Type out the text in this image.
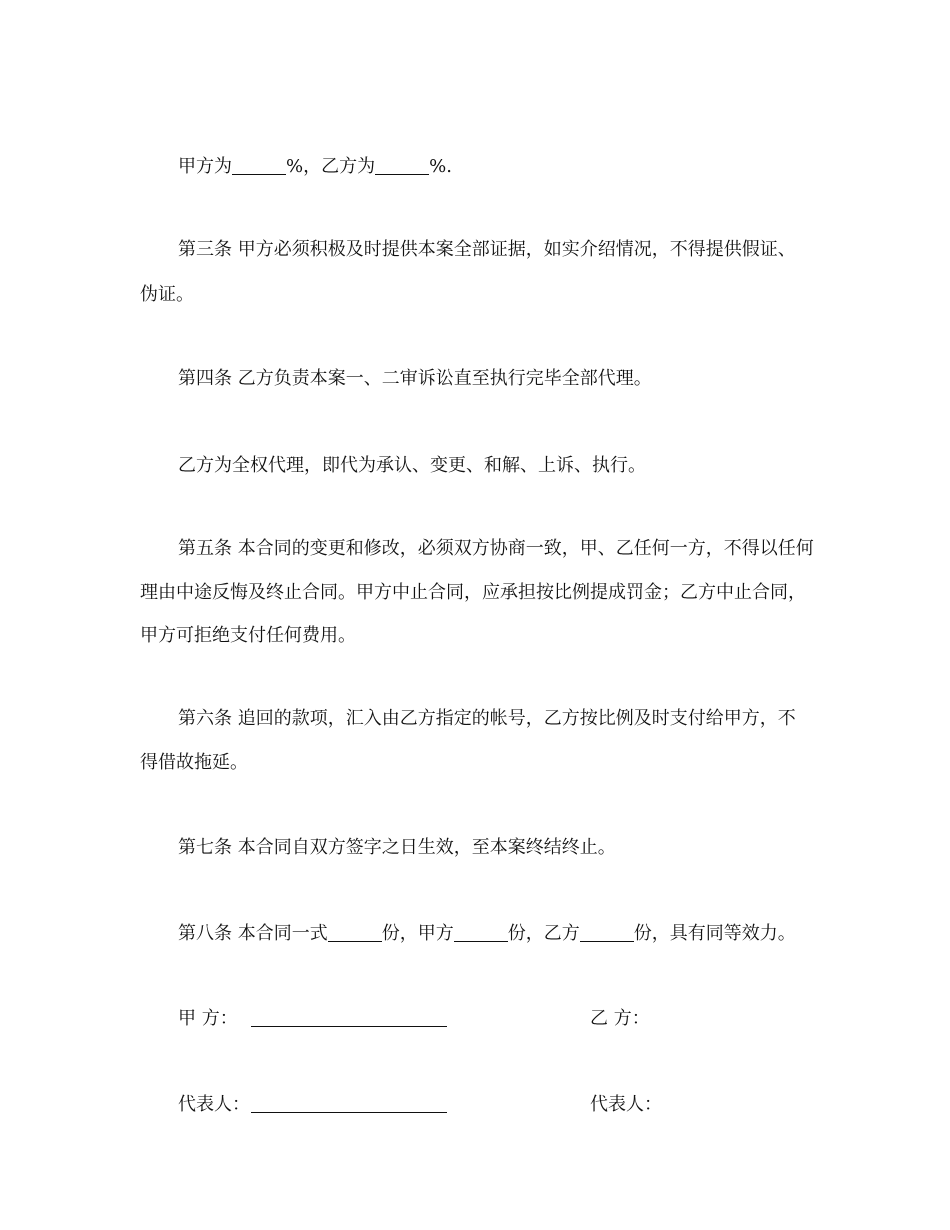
甲方为	%，乙方为	%.

第三条 甲方必须积极及时提供本案全部证据，如实介绍情况，不得提供假证、

伪证。

第四条 乙方负责本案一、二审诉讼直至执行完毕全部代理。

乙方为全权代理，即代为承认、变更、和解、上诉、执行。

第五条 本合同的变更和修改，必须双方协商一致，甲、乙任何一方，不得以任何

理由中途反悔及终止合同。甲方中止合同，应承担按比例提成罚金；乙方中止合同，

甲方可拒绝支付任何费用。

第六条 追回的款项，汇入由乙方指定的帐号，乙方按比例及时支付给甲方，不

得借故拖延。

第七条 本合同自双方签字之日生效，至本案终结终止。

第八条 本合同一式	份，甲方	份，乙方	份，具有同等效力。

甲 方：	乙 方：
代表人：	代表人：
